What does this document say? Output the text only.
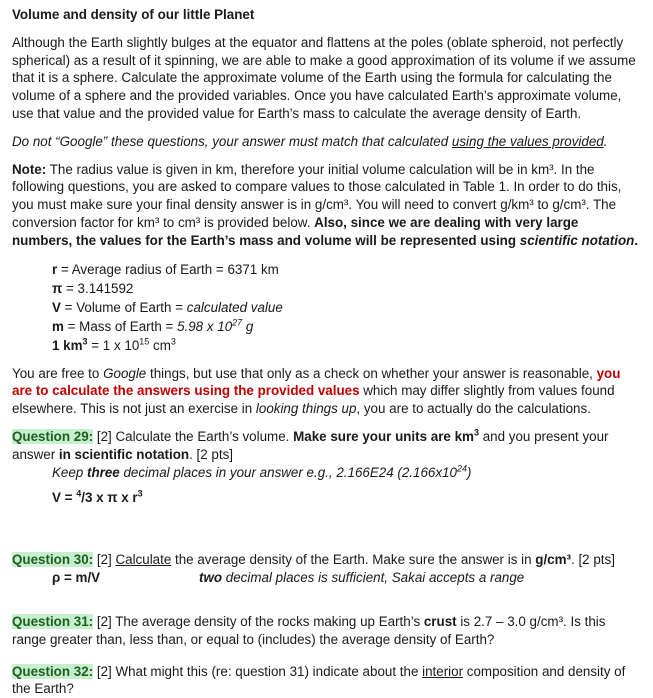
Volume and density of our little Planet

Although the Earth slightly bulges at the equator and flattens at the poles (oblate spheroid, not perfectly spherical) as a result of it spinning, we are able to make a good approximation of its volume if we assume that it is a sphere. Calculate the approximate volume of the Earth using the formula for calculating the volume of a sphere and the provided variables. Once you have calculated Earth’s approximate volume, use that value and the provided value for Earth’s mass to calculate the average density of Earth.

Do not “Google” these questions, your answer must match that calculated using the values provided.

Note: The radius value is given in km, therefore your initial volume calculation will be in km³. In the following questions, you are asked to compare values to those calculated in Table 1. In order to do this, you must make sure your final density answer is in g/cm³. You will need to convert g/km³ to g/cm³. The conversion factor for km³ to cm³ is provided below. Also, since we are dealing with very large numbers, the values for the Earth’s mass and volume will be represented using scientific notation.

r = Average radius of Earth = 6371 km
π = 3.141592
V = Volume of Earth = calculated value
m = Mass of Earth = 5.98 x $10^{27}$ g
1 $km^3 = 1$ x $10^{15}$ $cm^3$

You are free to Google things, but use that only as a check on whether your answer is reasonable, you are to calculate the answers using the provided values which may differ slightly from values found elsewhere. This is not just an exercise in looking things up, you are to actually do the calculations.

Question 29: [2] Calculate the Earth’s volume. Make sure your units are $km^3$ and you present your answer in scientific notation. [2 pts]

Keep three decimal places in your answer e.g., 2.166E24 $(2.166x10^{24})$

V = $^4$/3 x π x $r^3$

Question 30: [2] Calculate the average density of the Earth. Make sure the answer is in g/cm³. [2 pts]

ρ = m/V	two decimal places is sufficient, Sakai accepts a range

Question 31: [2] The average density of the rocks making up Earth’s crust is 2.7 – 3.0 g/cm³. Is this range greater than, less than, or equal to (includes) the average density of Earth?

Question 32: [2] What might this (re: question 31) indicate about the interior composition and density of the Earth?
